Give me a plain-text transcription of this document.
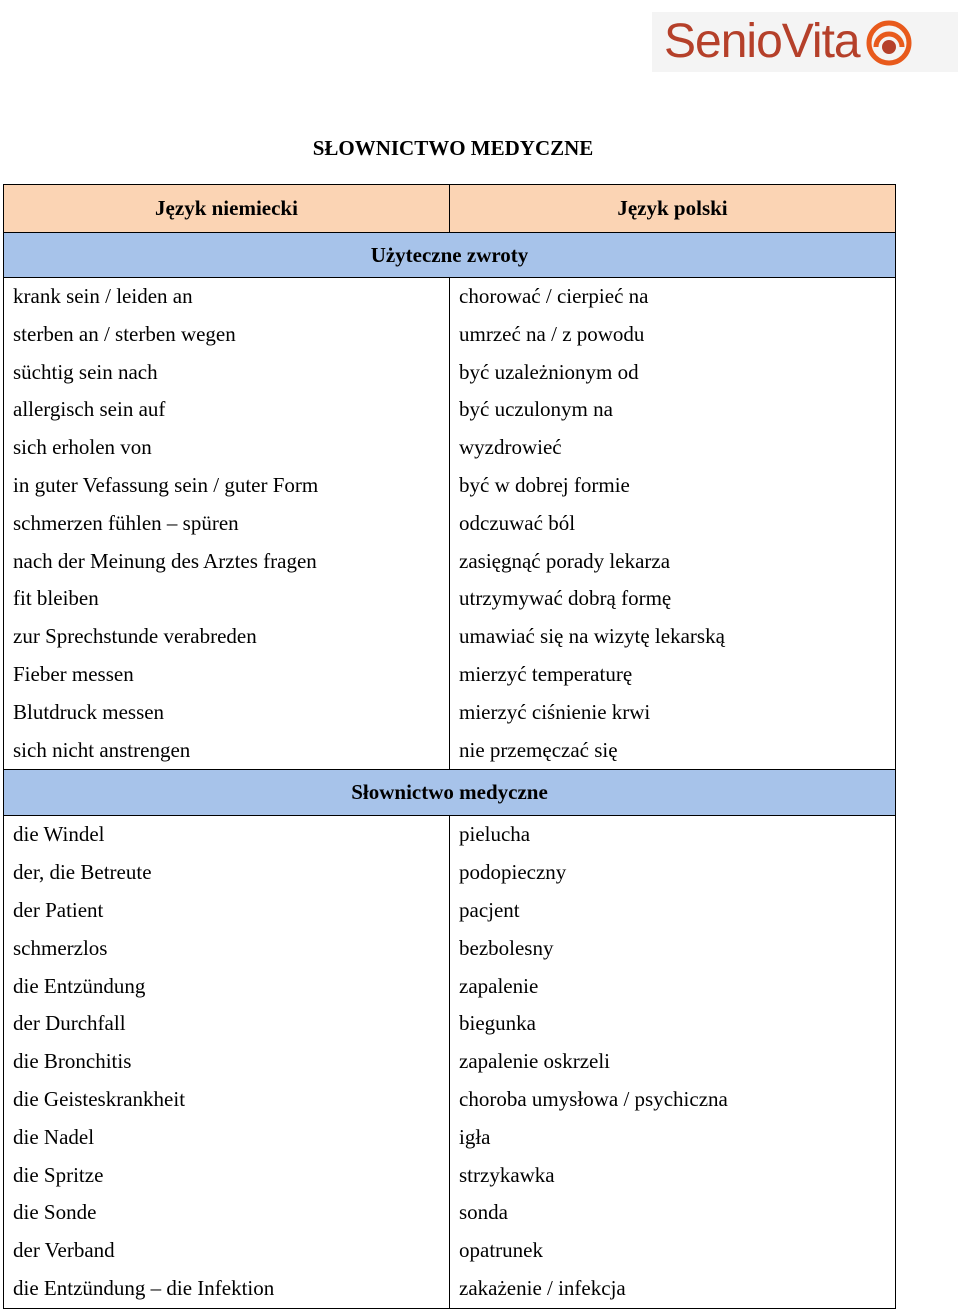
SenioVita
SŁOWNICTWO MEDYCZNE
Język niemiecki	Język polski
Użyteczne zwroty
krank sein / leiden an	chorować / cierpieć na
sterben an / sterben wegen	umrzeć na / z powodu
süchtig sein nach	być uzależnionym od
allergisch sein auf	być uczulonym na
sich erholen von	wyzdrowieć
in guter Vefassung sein / guter Form	być w dobrej formie
schmerzen fühlen – spüren	odczuwać ból
nach der Meinung des Arztes fragen	zasięgnąć porady lekarza
fit bleiben	utrzymywać dobrą formę
zur Sprechstunde verabreden	umawiać się na wizytę lekarską
Fieber messen	mierzyć temperaturę
Blutdruck messen	mierzyć ciśnienie krwi
sich nicht anstrengen	nie przemęczać się
Słownictwo medyczne
die Windel	pielucha
der, die Betreute	podopieczny
der Patient	pacjent
schmerzlos	bezbolesny
die Entzündung	zapalenie
der Durchfall	biegunka
die Bronchitis	zapalenie oskrzeli
die Geisteskrankheit	choroba umysłowa / psychiczna
die Nadel	igła
die Spritze	strzykawka
die Sonde	sonda
der Verband	opatrunek
die Entzündung – die Infektion	zakażenie / infekcja
